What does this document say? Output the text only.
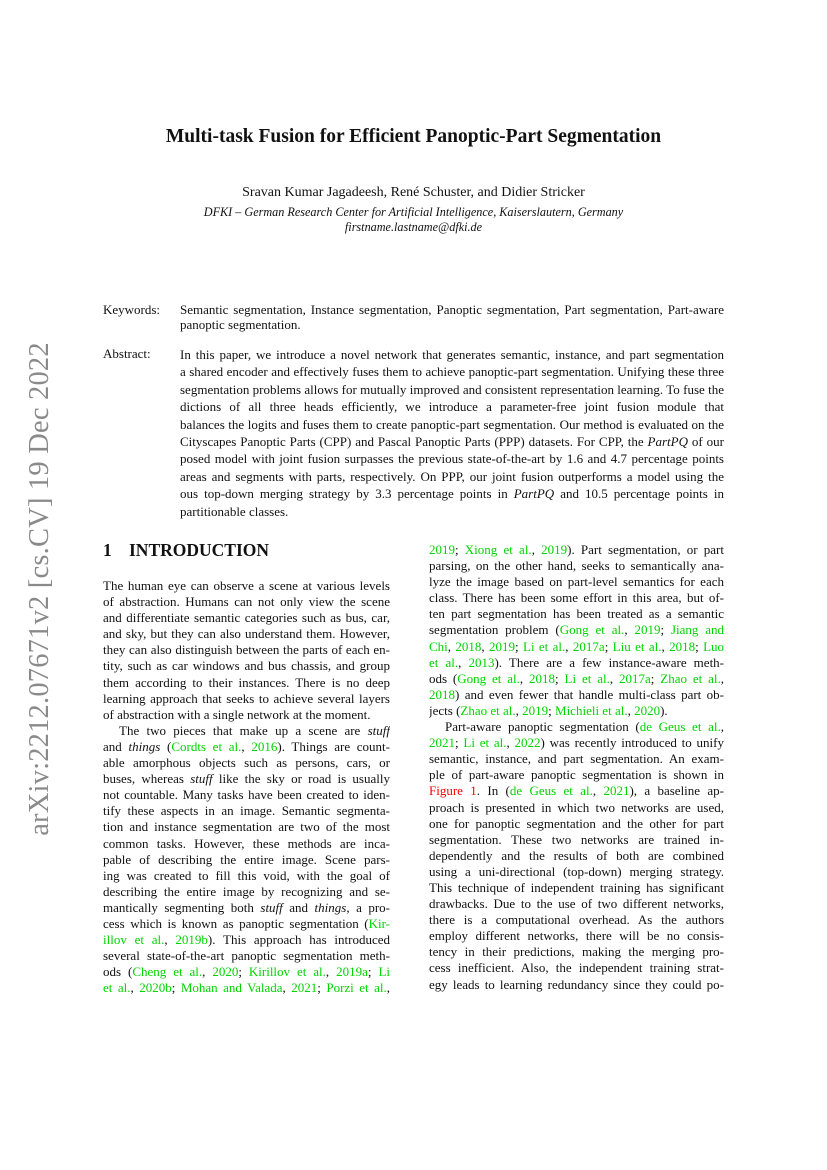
arXiv:2212.07671v2 [cs.CV] 19 Dec 2022
Multi-task Fusion for Efficient Panoptic-Part Segmentation
Sravan Kumar Jagadeesh, René Schuster, and Didier Stricker
DFKI – German Research Center for Artificial Intelligence, Kaiserslautern, Germany
firstname.lastname@dfki.de
Keywords: Semantic segmentation, Instance segmentation, Panoptic segmentation, Part segmentation, Part-aware
panoptic segmentation.
Abstract: In this paper, we introduce a novel network that generates semantic, instance, and part segmentation
a shared encoder and effectively fuses them to achieve panoptic-part segmentation. Unifying these three
segmentation problems allows for mutually improved and consistent representation learning. To fuse the
dictions of all three heads efficiently, we introduce a parameter-free joint fusion module that
balances the logits and fuses them to create panoptic-part segmentation. Our method is evaluated on the
Cityscapes Panoptic Parts (CPP) and Pascal Panoptic Parts (PPP) datasets. For CPP, the PartPQ of our
posed model with joint fusion surpasses the previous state-of-the-art by 1.6 and 4.7 percentage points
areas and segments with parts, respectively. On PPP, our joint fusion outperforms a model using the
ous top-down merging strategy by 3.3 percentage points in PartPQ and 10.5 percentage points in
partitionable classes.
1 INTRODUCTION
The human eye can observe a scene at various levels
of abstraction. Humans can not only view the scene
and differentiate semantic categories such as bus, car,
and sky, but they can also understand them. However,
they can also distinguish between the parts of each en-
tity, such as car windows and bus chassis, and group
them according to their instances. There is no deep
learning approach that seeks to achieve several layers
of abstraction with a single network at the moment.
The two pieces that make up a scene are stuff
and things (Cordts et al., 2016). Things are count-
able amorphous objects such as persons, cars, or
buses, whereas stuff like the sky or road is usually
not countable. Many tasks have been created to iden-
tify these aspects in an image. Semantic segmenta-
tion and instance segmentation are two of the most
common tasks. However, these methods are inca-
pable of describing the entire image. Scene pars-
ing was created to fill this void, with the goal of
describing the entire image by recognizing and se-
mantically segmenting both stuff and things, a pro-
cess which is known as panoptic segmentation (Kir-
illov et al., 2019b). This approach has introduced
several state-of-the-art panoptic segmentation meth-
ods (Cheng et al., 2020; Kirillov et al., 2019a; Li
et al., 2020b; Mohan and Valada, 2021; Porzi et al.,
2019; Xiong et al., 2019). Part segmentation, or part
parsing, on the other hand, seeks to semantically ana-
lyze the image based on part-level semantics for each
class. There has been some effort in this area, but of-
ten part segmentation has been treated as a semantic
segmentation problem (Gong et al., 2019; Jiang and
Chi, 2018, 2019; Li et al., 2017a; Liu et al., 2018; Luo
et al., 2013). There are a few instance-aware meth-
ods (Gong et al., 2018; Li et al., 2017a; Zhao et al.,
2018) and even fewer that handle multi-class part ob-
jects (Zhao et al., 2019; Michieli et al., 2020).
Part-aware panoptic segmentation (de Geus et al.,
2021; Li et al., 2022) was recently introduced to unify
semantic, instance, and part segmentation. An exam-
ple of part-aware panoptic segmentation is shown in
Figure 1. In (de Geus et al., 2021), a baseline ap-
proach is presented in which two networks are used,
one for panoptic segmentation and the other for part
segmentation. These two networks are trained in-
dependently and the results of both are combined
using a uni-directional (top-down) merging strategy.
This technique of independent training has significant
drawbacks. Due to the use of two different networks,
there is a computational overhead. As the authors
employ different networks, there will be no consis-
tency in their predictions, making the merging pro-
cess inefficient. Also, the independent training strat-
egy leads to learning redundancy since they could po-
